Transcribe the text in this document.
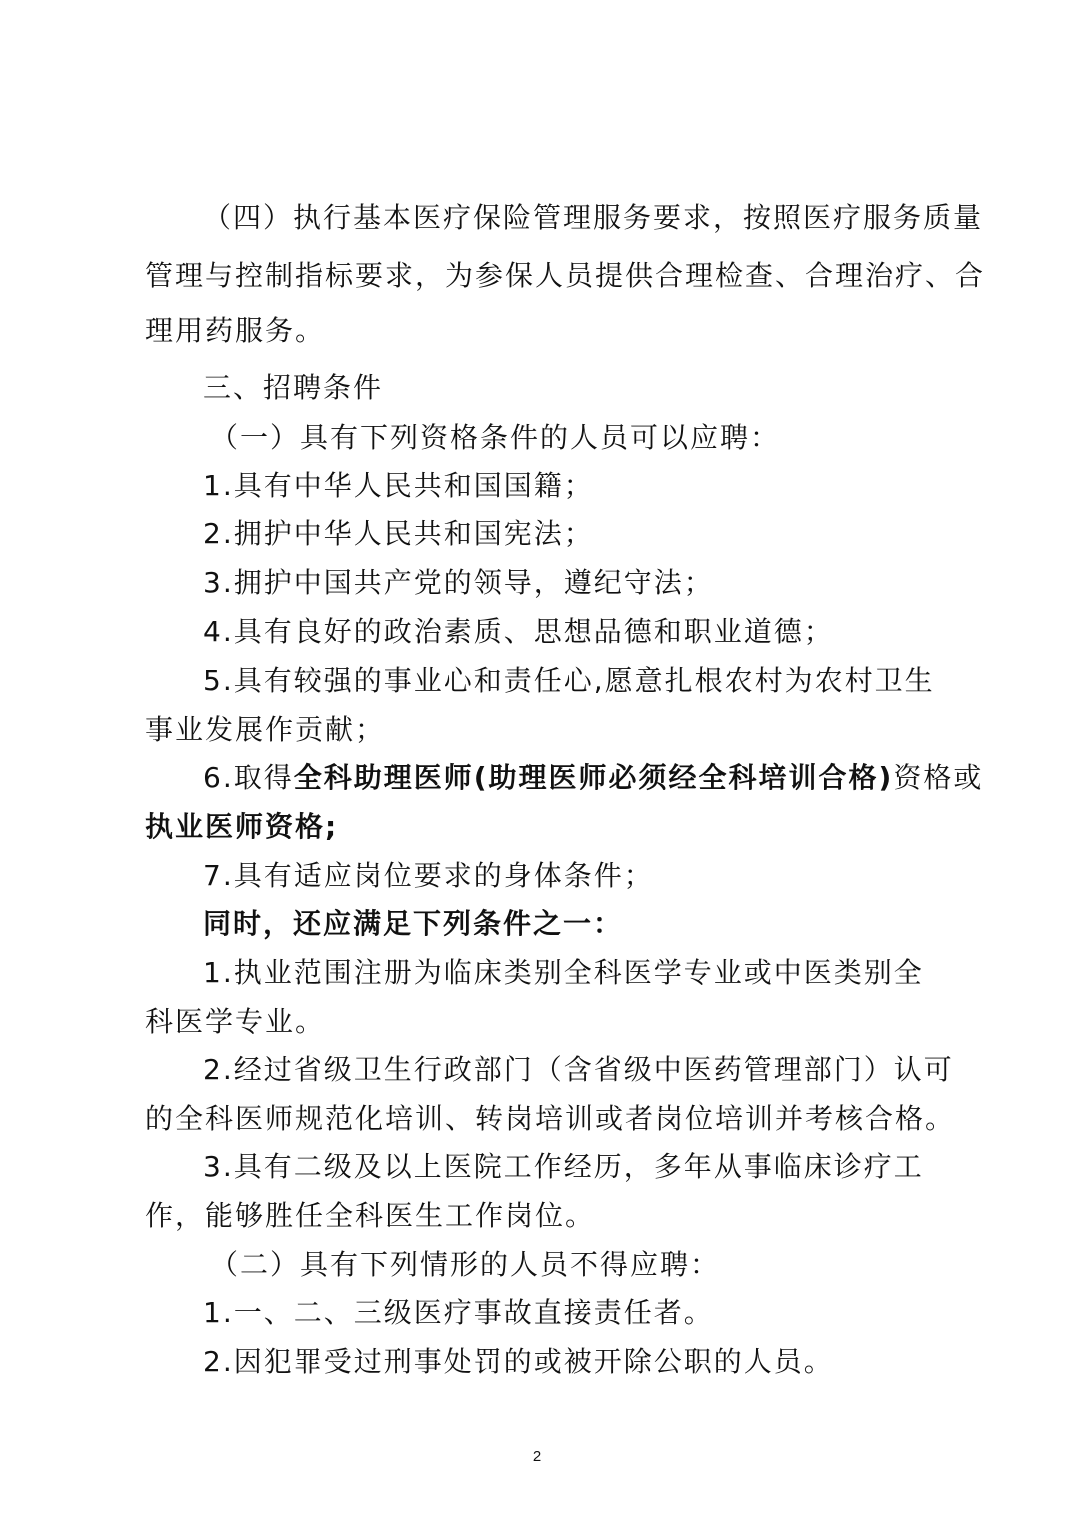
（四）执行基本医疗保险管理服务要求，按照医疗服务质量
管理与控制指标要求，为参保人员提供合理检查、合理治疗、合
理用药服务。
三、招聘条件
（一）具有下列资格条件的人员可以应聘：
1.具有中华人民共和国国籍；
2.拥护中华人民共和国宪法；
3.拥护中国共产党的领导，遵纪守法；
4.具有良好的政治素质、思想品德和职业道德；
5.具有较强的事业心和责任心,愿意扎根农村为农村卫生
事业发展作贡献；
6.取得全科助理医师(助理医师必须经全科培训合格)资格或
执业医师资格;
7.具有适应岗位要求的身体条件；
同时，还应满足下列条件之一：
1.执业范围注册为临床类别全科医学专业或中医类别全
科医学专业。
2.经过省级卫生行政部门（含省级中医药管理部门）认可
的全科医师规范化培训、转岗培训或者岗位培训并考核合格。
3.具有二级及以上医院工作经历，多年从事临床诊疗工
作，能够胜任全科医生工作岗位。
（二）具有下列情形的人员不得应聘：
1.一、二、三级医疗事故直接责任者。
2.因犯罪受过刑事处罚的或被开除公职的人员。
2
